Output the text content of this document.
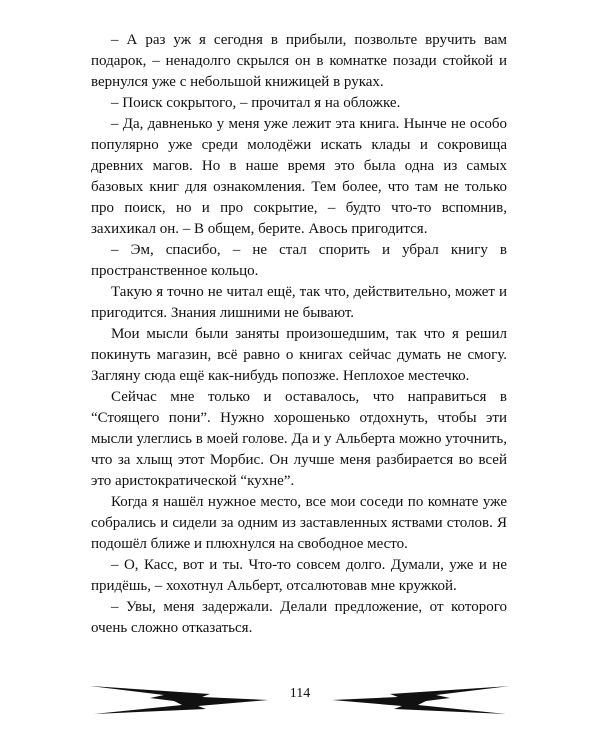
– А раз уж я сегодня в прибыли, позвольте вручить вам подарок, – ненадолго скрылся он в комнатке позади стойкой и вернулся уже с небольшой книжицей в руках.

– Поиск сокрытого, – прочитал я на обложке.

– Да, давненько у меня уже лежит эта книга. Нынче не особо популярно уже среди молодёжи искать клады и сокровища древних магов. Но в наше время это была одна из самых базовых книг для ознакомления. Тем более, что там не только про поиск, но и про сокрытие, – будто что-то вспомнив, захихикал он. – В общем, берите. Авось пригодится.

– Эм, спасибо, – не стал спорить и убрал книгу в пространственное кольцо.

Такую я точно не читал ещё, так что, действительно, может и пригодится. Знания лишними не бывают.

Мои мысли были заняты произошедшим, так что я решил покинуть магазин, всё равно о книгах сейчас думать не смогу. Загляну сюда ещё как-нибудь попозже. Неплохое местечко.

Сейчас мне только и оставалось, что направиться в “Стоящего пони”. Нужно хорошенько отдохнуть, чтобы эти мысли улеглись в моей голове. Да и у Альберта можно уточнить, что за хлыщ этот Морбис. Он лучше меня разбирается во всей это аристократической “кухне”.

Когда я нашёл нужное место, все мои соседи по комнате уже собрались и сидели за одним из заставленных яствами столов. Я подошёл ближе и плюхнулся на свободное место.

– О, Касс, вот и ты. Что-то совсем долго. Думали, уже и не придёшь, – хохотнул Альберт, отсалютовав мне кружкой.

– Увы, меня задержали. Делали предложение, от которого очень сложно отказаться.

114
